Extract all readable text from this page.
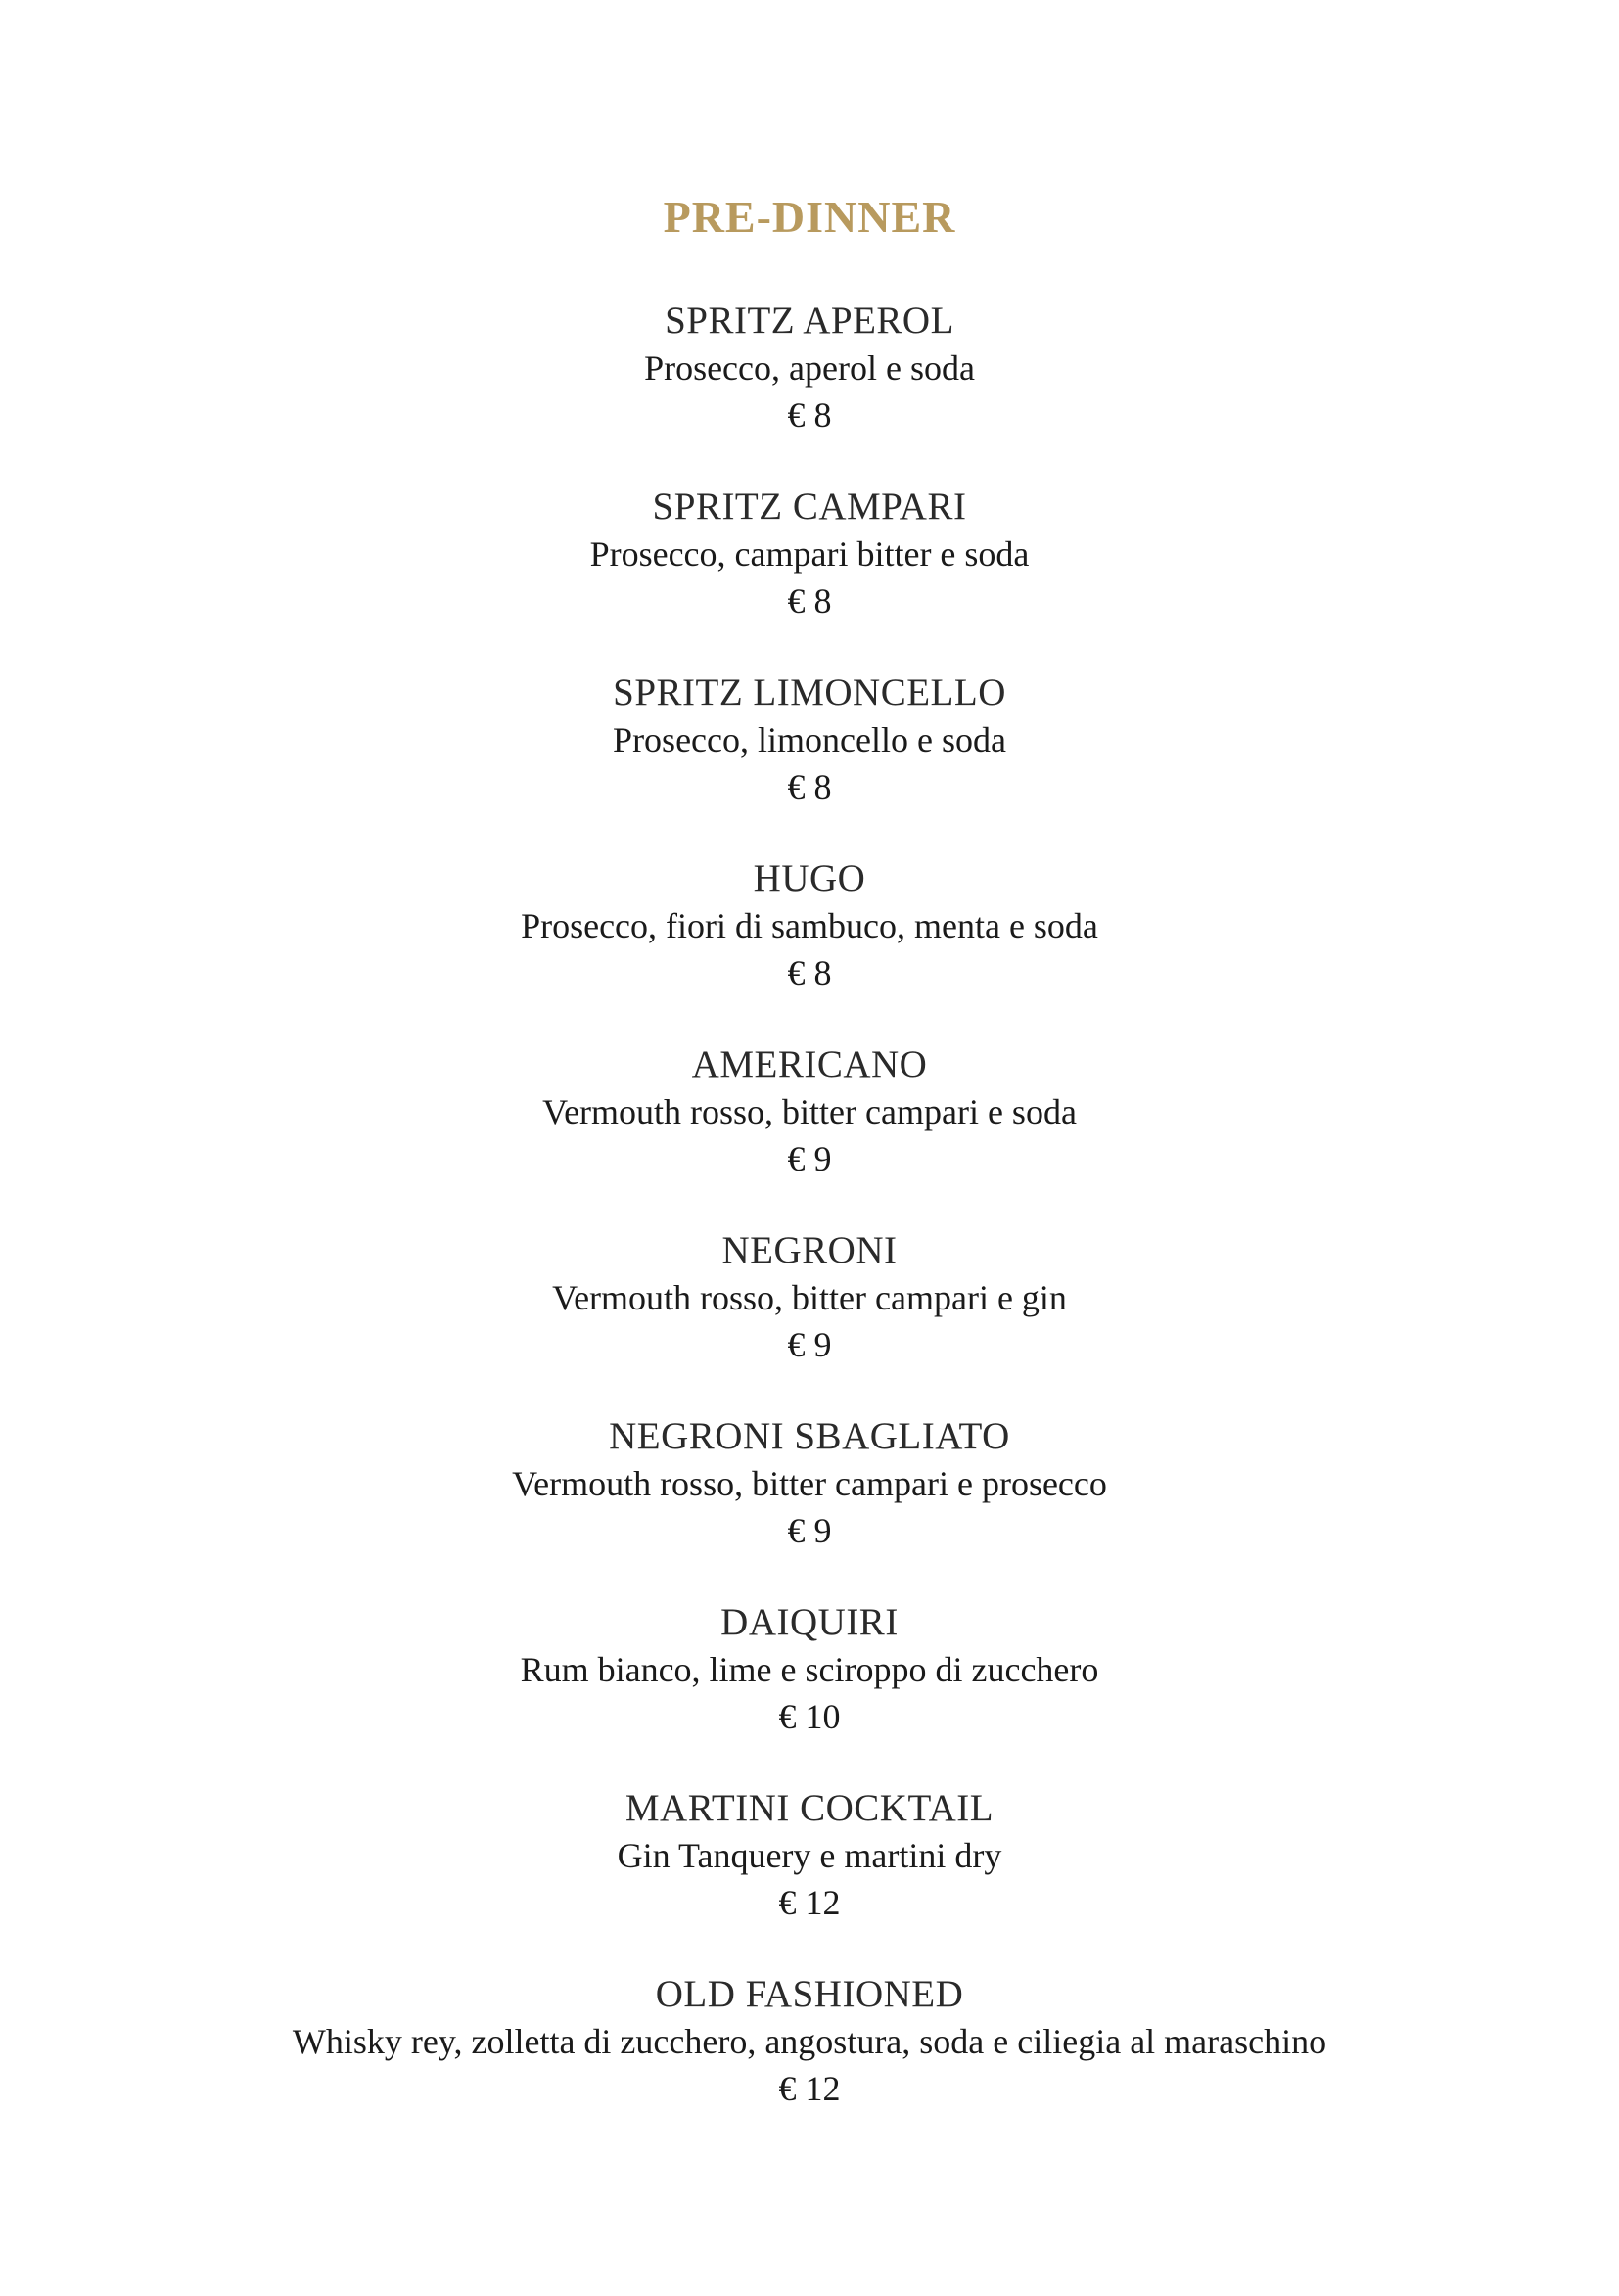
PRE-DINNER
SPRITZ APEROL
Prosecco, aperol e soda
€ 8
SPRITZ CAMPARI
Prosecco, campari bitter e soda
€ 8
SPRITZ LIMONCELLO
Prosecco, limoncello e soda
€ 8
HUGO
Prosecco, fiori di sambuco, menta e soda
€ 8
AMERICANO
Vermouth rosso, bitter campari e soda
€ 9
NEGRONI
Vermouth rosso, bitter campari e gin
€ 9
NEGRONI SBAGLIATO
Vermouth rosso, bitter campari e prosecco
€ 9
DAIQUIRI
Rum bianco, lime e sciroppo di zucchero
€ 10
MARTINI COCKTAIL
Gin Tanquery e martini dry
€ 12
OLD FASHIONED
Whisky rey, zolletta di zucchero, angostura, soda e ciliegia al maraschino
€ 12
